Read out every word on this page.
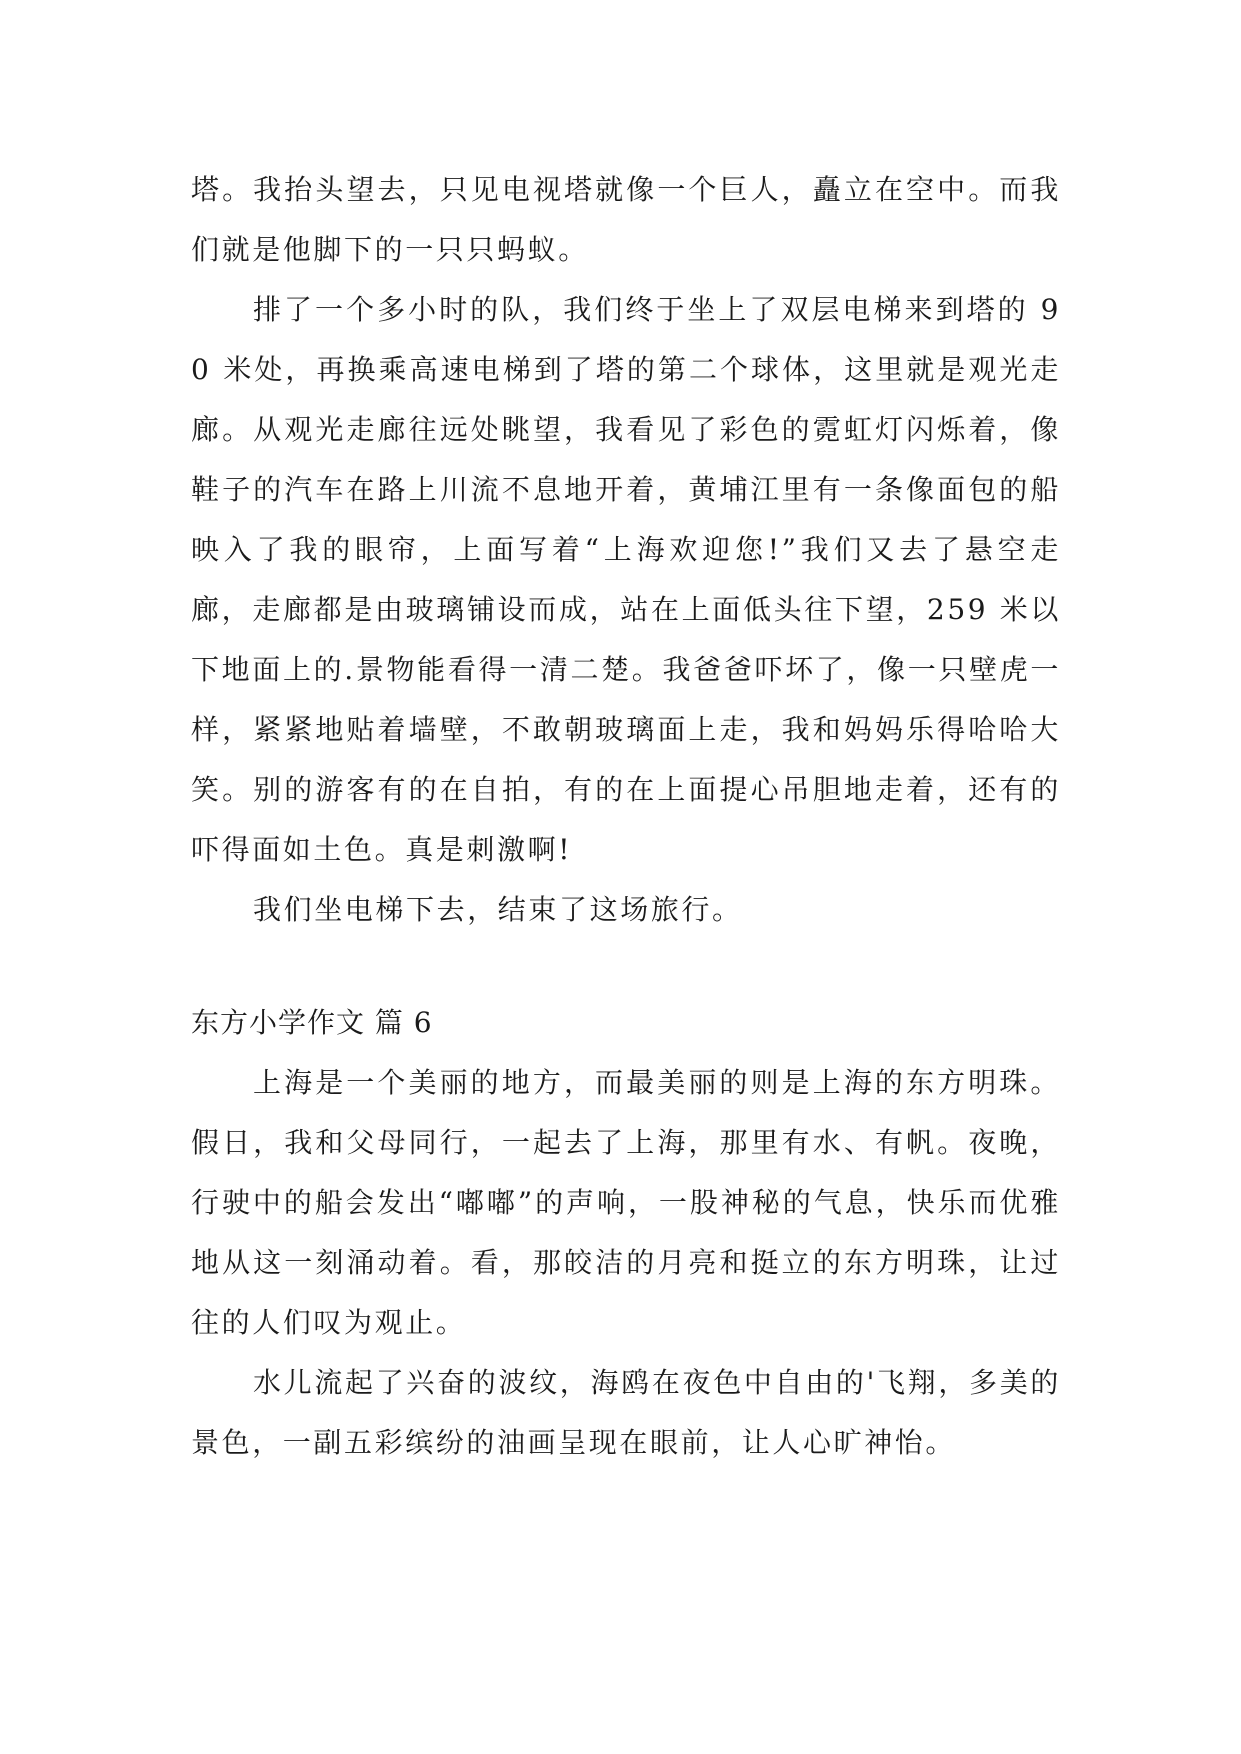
塔。我抬头望去，只见电视塔就像一个巨人，矗立在空中。而我们就是他脚下的一只只蚂蚁。

排了一个多小时的队，我们终于坐上了双层电梯来到塔的 90 米处，再换乘高速电梯到了塔的第二个球体，这里就是观光走廊。从观光走廊往远处眺望，我看见了彩色的霓虹灯闪烁着，像鞋子的汽车在路上川流不息地开着，黄埔江里有一条像面包的船映入了我的眼帘，上面写着“上海欢迎您!”我们又去了悬空走廊，走廊都是由玻璃铺设而成，站在上面低头往下望，259 米以下地面上的.景物能看得一清二楚。我爸爸吓坏了，像一只壁虎一样，紧紧地贴着墙壁，不敢朝玻璃面上走，我和妈妈乐得哈哈大笑。别的游客有的在自拍，有的在上面提心吊胆地走着，还有的吓得面如土色。真是刺激啊!

我们坐电梯下去，结束了这场旅行。

东方小学作文 篇 6

上海是一个美丽的地方，而最美丽的则是上海的东方明珠。假日，我和父母同行，一起去了上海，那里有水、有帆。夜晚，行驶中的船会发出“嘟嘟”的声响，一股神秘的气息，快乐而优雅地从这一刻涌动着。看，那皎洁的月亮和挺立的东方明珠，让过往的人们叹为观止。

水儿流起了兴奋的波纹，海鸥在夜色中自由的'飞翔，多美的景色，一副五彩缤纷的油画呈现在眼前，让人心旷神怡。
